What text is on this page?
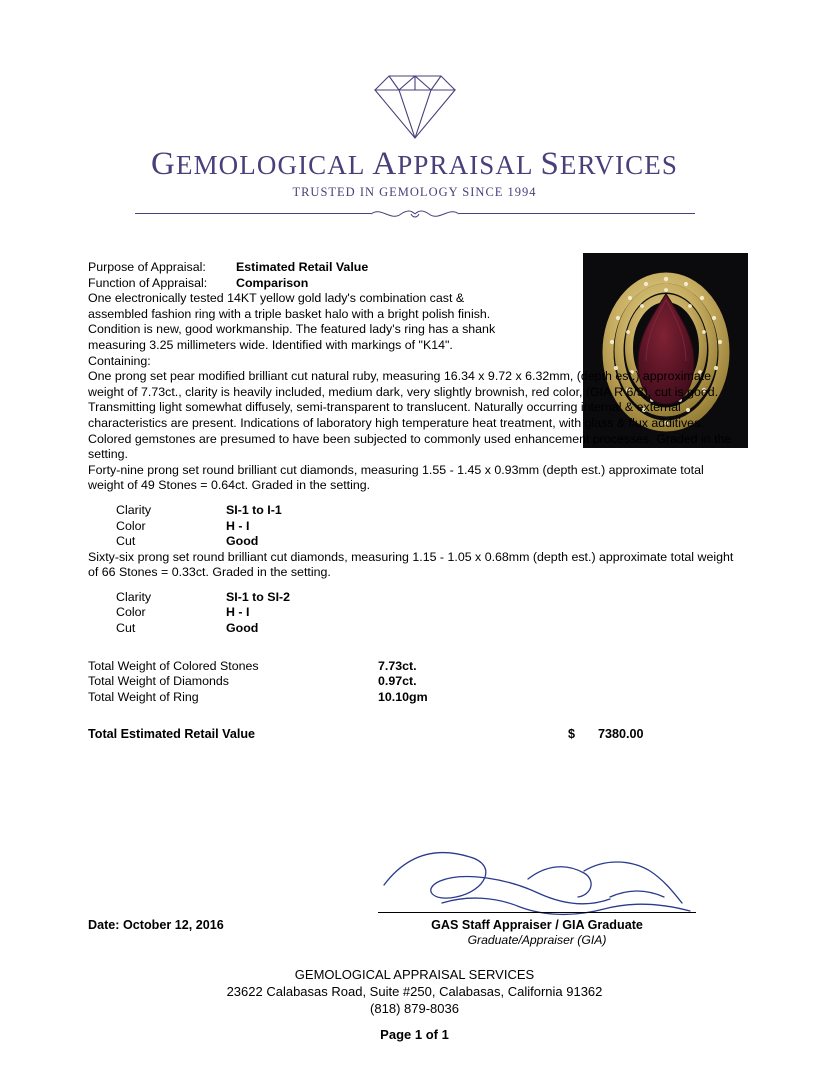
GEMOLOGICAL APPRAISAL SERVICES
TRUSTED IN GEMOLOGY SINCE 1994
Purpose of Appraisal:	Estimated Retail Value
Function of Appraisal:	Comparison

One electronically tested 14KT yellow gold lady's combination cast & assembled fashion ring with a triple basket halo with a bright polish finish. Condition is new, good workmanship. The featured lady's ring has a shank measuring 3.25 millimeters wide. Identified with markings of "K14". Containing:

One prong set pear modified brilliant cut natural ruby, measuring 16.34 x 9.72 x 6.32mm, (depth est.) approximate weight of 7.73ct., clarity is heavily included, medium dark, very slightly brownish, red color, (GIA R 6/3), cut is good. Transmitting light somewhat diffusely, semi-transparent to translucent. Naturally occurring internal & external characteristics are present. Indications of laboratory high temperature heat treatment, with glass & flux additives. Colored gemstones are presumed to have been subjected to commonly used enhancement processes. Graded in the setting.

Forty-nine prong set round brilliant cut diamonds, measuring 1.55 - 1.45 x 0.93mm (depth est.) approximate total weight of 49 Stones = 0.64ct. Graded in the setting.

Clarity	SI-1 to I-1
Color	H - I
Cut	Good

Sixty-six prong set round brilliant cut diamonds, measuring 1.15 - 1.05 x 0.68mm (depth est.) approximate total weight of 66 Stones = 0.33ct. Graded in the setting.

Clarity	SI-1 to SI-2
Color	H - I
Cut	Good
Total Weight of Colored Stones	7.73ct.
Total Weight of Diamonds	0.97ct.
Total Weight of Ring	10.10gm
Total Estimated Retail Value	$	7380.00
Date: October 12, 2016	GAS Staff Appraiser / GIA Graduate
Graduate/Appraiser (GIA)
GEMOLOGICAL APPRAISAL SERVICES
23622 Calabasas Road, Suite #250, Calabasas, California 91362
(818) 879-8036
Page 1 of 1
